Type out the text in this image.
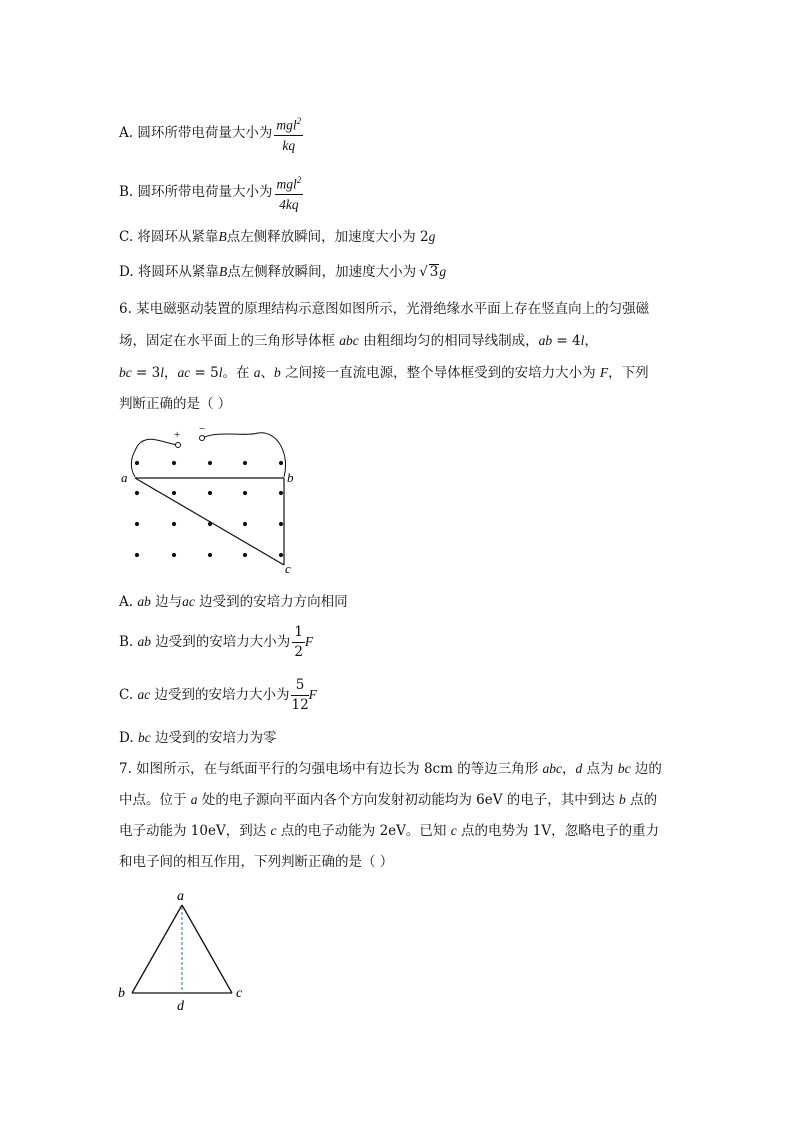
A. 圆环所带电荷量大小为 $\frac{mgl^2}{kq}$
B. 圆环所带电荷量大小为 $\frac{mgl^2}{4kq}$
C. 将圆环从紧靠B点左侧释放瞬间，加速度大小为 2g
D. 将圆环从紧靠B点左侧释放瞬间，加速度大小为 √ 3g
6. 某电磁驱动装置的原理结构示意图如图所示，光滑绝缘水平面上存在竖直向上的匀强磁
场，固定在水平面上的三角形导体框 abc 由粗细均匀的相同导线制成，ab = 4l，
bc = 3l，ac = 5l。在 a、b 之间接一直流电源，整个导体框受到的安培力大小为 F，下列
判断正确的是（ ）
+ −
a	b
c
A. ab 边与ac 边受到的安培力方向相同
B. ab 边受到的安培力大小为 $\frac{1}{2}$ F
C. ac 边受到的安培力大小为 $\frac{5}{12}$ F
D. bc 边受到的安培力为零
7. 如图所示，在与纸面平行的匀强电场中有边长为 8cm 的等边三角形 abc，d 点为 bc 边的
中点。位于 a 处的电子源向平面内各个方向发射初动能均为 6eV 的电子，其中到达 b 点的
电子动能为 10eV，到达 c 点的电子动能为 2eV。已知 c 点的电势为 1V，忽略电子的重力
和电子间的相互作用，下列判断正确的是（ ）
a
b	c
d
